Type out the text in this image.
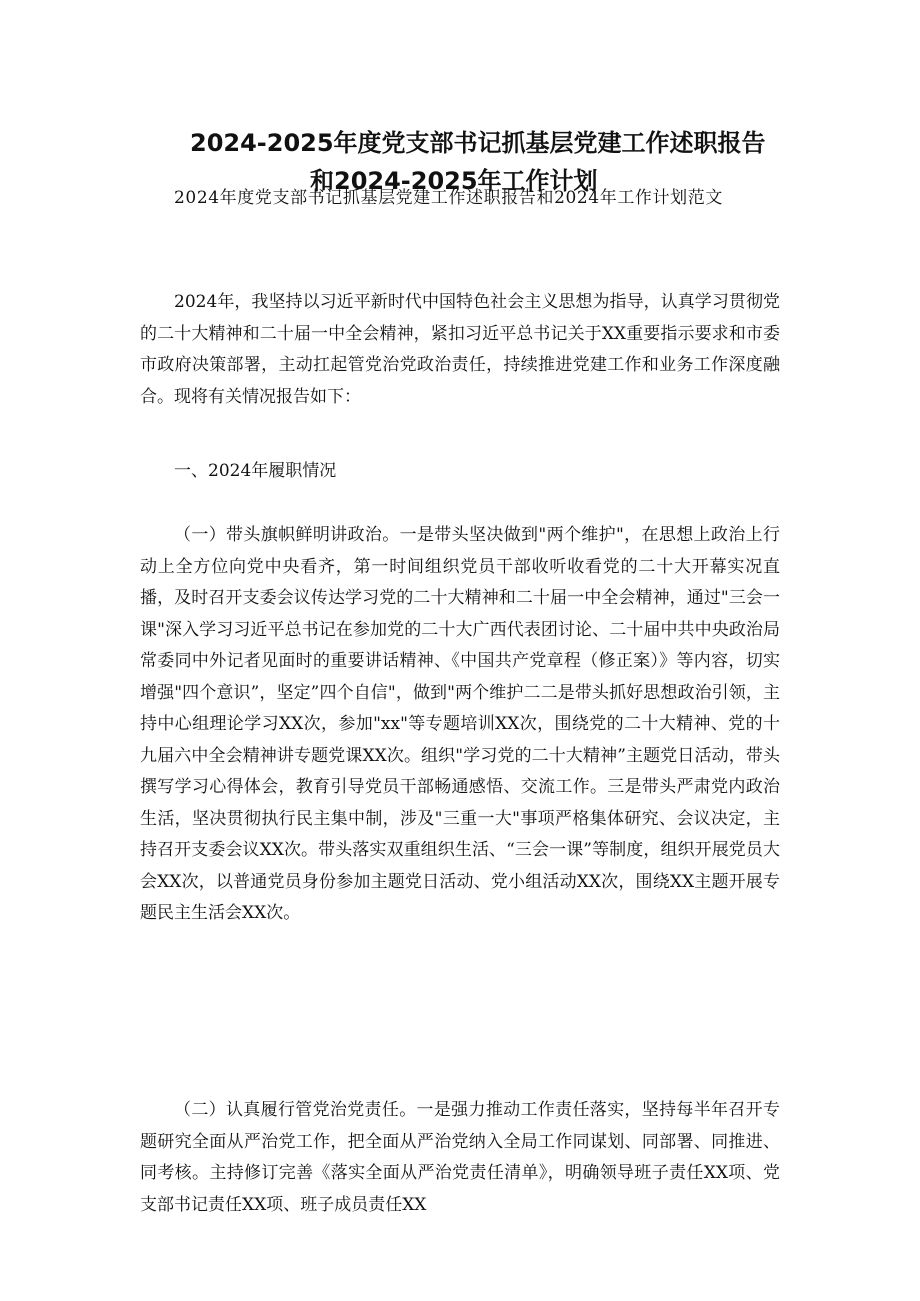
2024-2025年度党支部书记抓基层党建工作述职报告
和2024-2025年工作计划

2024年度党支部书记抓基层党建工作述职报告和2024年工作计划范文

2024年，我坚持以习近平新时代中国特色社会主义思想为指导，认真学习贯彻党的二十大精神和二十届一中全会精神，紧扣习近平总书记关于XX重要指示要求和市委市政府决策部署，主动扛起管党治党政治责任，持续推进党建工作和业务工作深度融合。现将有关情况报告如下：

一、2024年履职情况

（一）带头旗帜鲜明讲政治。一是带头坚决做到"两个维护"，在思想上政治上行动上全方位向党中央看齐，第一时间组织党员干部收听收看党的二十大开幕实况直播，及时召开支委会议传达学习党的二十大精神和二十届一中全会精神，通过"三会一课"深入学习习近平总书记在参加党的二十大广西代表团讨论、二十届中共中央政治局常委同中外记者见面时的重要讲话精神、《中国共产党章程（修正案）》等内容，切实增强"四个意识”，坚定”四个自信"，做到"两个维护二二是带头抓好思想政治引领，主持中心组理论学习XX次，参加"xx"等专题培训XX次，围绕党的二十大精神、党的十九届六中全会精神讲专题党课XX次。组织"学习党的二十大精神”主题党日活动，带头撰写学习心得体会，教育引导党员干部畅通感悟、交流工作。三是带头严肃党内政治生活，坚决贯彻执行民主集中制，涉及"三重一大"事项严格集体研究、会议决定，主持召开支委会议XX次。带头落实双重组织生活、“三会一课”等制度，组织开展党员大会XX次，以普通党员身份参加主题党日活动、党小组活动XX次，围绕XX主题开展专题民主生活会XX次。

（二）认真履行管党治党责任。一是强力推动工作责任落实，坚持每半年召开专题研究全面从严治党工作，把全面从严治党纳入全局工作同谋划、同部署、同推进、同考核。主持修订完善《落实全面从严治党责任清单》，明确领导班子责任XX项、党支部书记责任XX项、班子成员责任XX
